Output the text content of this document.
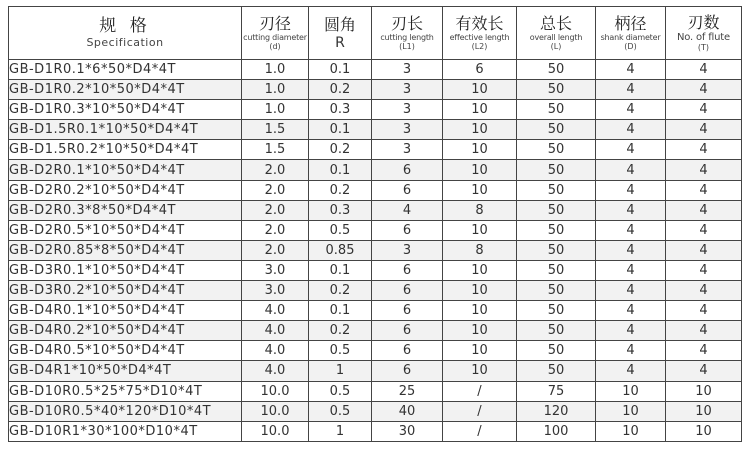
规 格
Specification	刃径
cutting diameter
(d)	圆角
R	刃长
cutting length
(L1)	有效长
effective length
(L2)	总长
overall length
(L)	柄径
shank diameter
(D)	刃数
No. of flute
(T)

GB-D1R0.1*6*50*D4*4T	1.0	0.1	3	6	50	4	4
GB-D1R0.2*10*50*D4*4T	1.0	0.2	3	10	50	4	4
GB-D1R0.3*10*50*D4*4T	1.0	0.3	3	10	50	4	4
GB-D1.5R0.1*10*50*D4*4T	1.5	0.1	3	10	50	4	4
GB-D1.5R0.2*10*50*D4*4T	1.5	0.2	3	10	50	4	4
GB-D2R0.1*10*50*D4*4T	2.0	0.1	6	10	50	4	4
GB-D2R0.2*10*50*D4*4T	2.0	0.2	6	10	50	4	4
GB-D2R0.3*8*50*D4*4T	2.0	0.3	4	8	50	4	4
GB-D2R0.5*10*50*D4*4T	2.0	0.5	6	10	50	4	4
GB-D2R0.85*8*50*D4*4T	2.0	0.85	3	8	50	4	4
GB-D3R0.1*10*50*D4*4T	3.0	0.1	6	10	50	4	4
GB-D3R0.2*10*50*D4*4T	3.0	0.2	6	10	50	4	4
GB-D4R0.1*10*50*D4*4T	4.0	0.1	6	10	50	4	4
GB-D4R0.2*10*50*D4*4T	4.0	0.2	6	10	50	4	4
GB-D4R0.5*10*50*D4*4T	4.0	0.5	6	10	50	4	4
GB-D4R1*10*50*D4*4T	4.0	1	6	10	50	4	4
GB-D10R0.5*25*75*D10*4T	10.0	0.5	25	/	75	10	10
GB-D10R0.5*40*120*D10*4T	10.0	0.5	40	/	120	10	10
GB-D10R1*30*100*D10*4T	10.0	1	30	/	100	10	10
